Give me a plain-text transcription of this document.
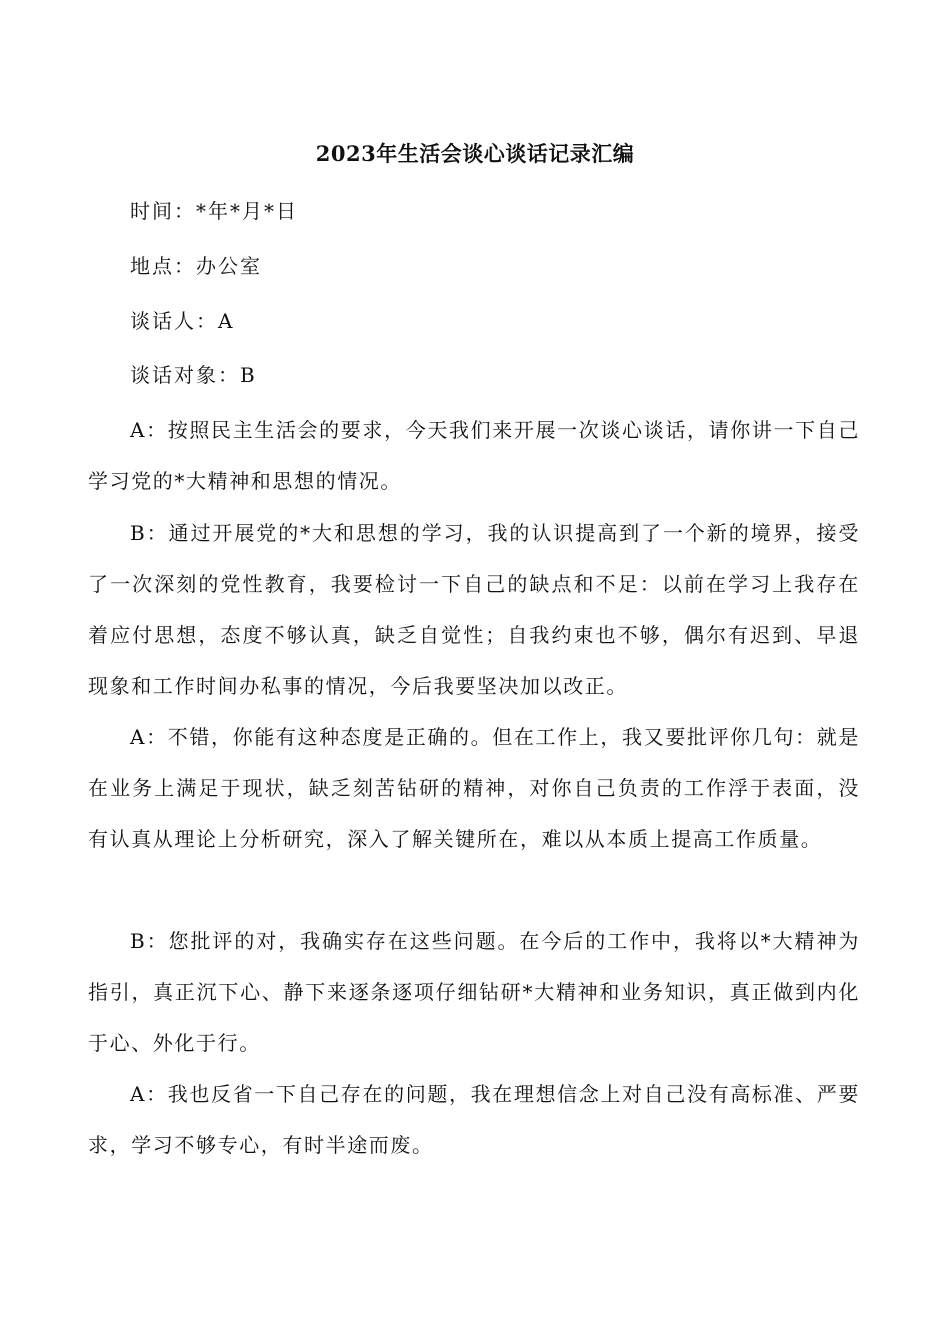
2023年生活会谈心谈话记录汇编
时间：*年*月*日
地点：办公室
谈话人：A
谈话对象：B

A：按照民主生活会的要求，今天我们来开展一次谈心谈话，请你讲一下自己学习党的*大精神和思想的情况。

B：通过开展党的*大和思想的学习，我的认识提高到了一个新的境界，接受了一次深刻的党性教育，我要检讨一下自己的缺点和不足：以前在学习上我存在着应付思想，态度不够认真，缺乏自觉性；自我约束也不够，偶尔有迟到、早退现象和工作时间办私事的情况，今后我要坚决加以改正。

A：不错，你能有这种态度是正确的。但在工作上，我又要批评你几句：就是在业务上满足于现状，缺乏刻苦钻研的精神，对你自己负责的工作浮于表面，没有认真从理论上分析研究，深入了解关键所在，难以从本质上提高工作质量。

B：您批评的对，我确实存在这些问题。在今后的工作中，我将以*大精神为指引，真正沉下心、静下来逐条逐项仔细钻研*大精神和业务知识，真正做到内化于心、外化于行。

A：我也反省一下自己存在的问题，我在理想信念上对自己没有高标准、严要求，学习不够专心，有时半途而废。
